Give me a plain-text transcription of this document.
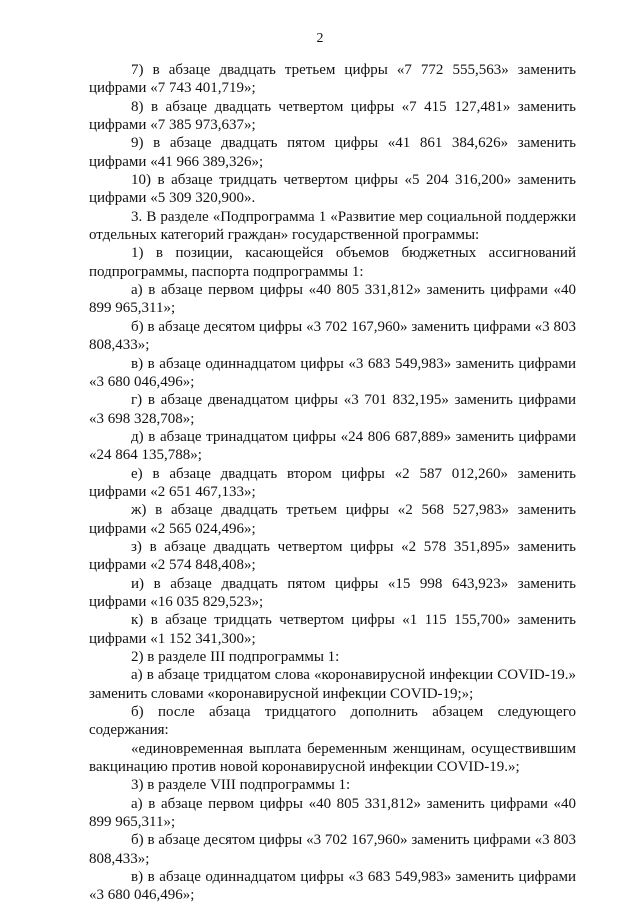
2

7) в абзаце двадцать третьем цифры «7 772 555,563» заменить цифрами «7 743 401,719»;

8) в абзаце двадцать четвертом цифры «7 415 127,481» заменить цифрами «7 385 973,637»;

9) в абзаце двадцать пятом цифры «41 861 384,626» заменить цифрами «41 966 389,326»;

10) в абзаце тридцать четвертом цифры «5 204 316,200» заменить цифрами «5 309 320,900».

3. В разделе «Подпрограмма 1 «Развитие мер социальной поддержки отдельных категорий граждан» государственной программы:

1) в позиции, касающейся объемов бюджетных ассигнований подпрограммы, паспорта подпрограммы 1:

а) в абзаце первом цифры «40 805 331,812» заменить цифрами «40 899 965,311»;

б) в абзаце десятом цифры «3 702 167,960» заменить цифрами «3 803 808,433»;

в) в абзаце одиннадцатом цифры «3 683 549,983» заменить цифрами «3 680 046,496»;

г) в абзаце двенадцатом цифры «3 701 832,195» заменить цифрами «3 698 328,708»;

д) в абзаце тринадцатом цифры «24 806 687,889» заменить цифрами «24 864 135,788»;

е) в абзаце двадцать втором цифры «2 587 012,260» заменить цифрами «2 651 467,133»;

ж) в абзаце двадцать третьем цифры «2 568 527,983» заменить цифрами «2 565 024,496»;

з) в абзаце двадцать четвертом цифры «2 578 351,895» заменить цифрами «2 574 848,408»;

и) в абзаце двадцать пятом цифры «15 998 643,923» заменить цифрами «16 035 829,523»;

к) в абзаце тридцать четвертом цифры «1 115 155,700» заменить цифрами «1 152 341,300»;

2) в разделе III подпрограммы 1:

а) в абзаце тридцатом слова «коронавирусной инфекции COVID-19.» заменить словами «коронавирусной инфекции COVID-19;»;

б) после абзаца тридцатого дополнить абзацем следующего содержания:

«единовременная выплата беременным женщинам, осуществившим вакцинацию против новой коронавирусной инфекции COVID-19.»;

3) в разделе VIII подпрограммы 1:

а) в абзаце первом цифры «40 805 331,812» заменить цифрами «40 899 965,311»;

б) в абзаце десятом цифры «3 702 167,960» заменить цифрами «3 803 808,433»;

в) в абзаце одиннадцатом цифры «3 683 549,983» заменить цифрами «3 680 046,496»;
